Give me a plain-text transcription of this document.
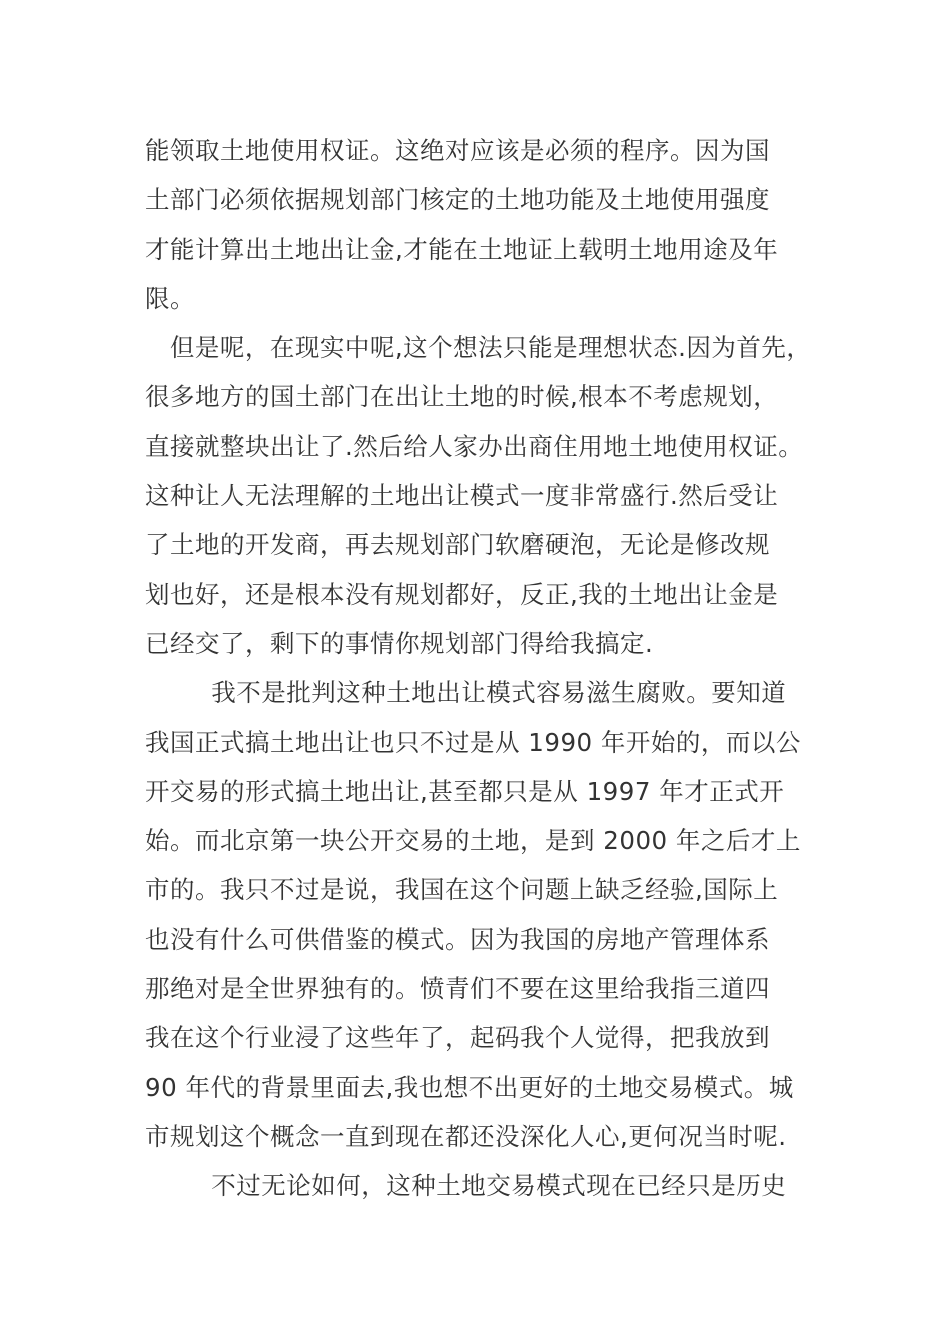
能领取土地使用权证。这绝对应该是必须的程序。因为国
土部门必须依据规划部门核定的土地功能及土地使用强度
才能计算出土地出让金,才能在土地证上载明土地用途及年
限。
但是呢，在现实中呢,这个想法只能是理想状态.因为首先，
很多地方的国土部门在出让土地的时候,根本不考虑规划，
直接就整块出让了.然后给人家办出商住用地土地使用权证。
这种让人无法理解的土地出让模式一度非常盛行.然后受让
了土地的开发商，再去规划部门软磨硬泡，无论是修改规
划也好，还是根本没有规划都好，反正,我的土地出让金是
已经交了，剩下的事情你规划部门得给我搞定.
我不是批判这种土地出让模式容易滋生腐败。要知道
我国正式搞土地出让也只不过是从 1990 年开始的，而以公
开交易的形式搞土地出让,甚至都只是从 1997 年才正式开
始。而北京第一块公开交易的土地，是到 2000 年之后才上
市的。我只不过是说，我国在这个问题上缺乏经验,国际上
也没有什么可供借鉴的模式。因为我国的房地产管理体系
那绝对是全世界独有的。愤青们不要在这里给我指三道四
我在这个行业浸了这些年了，起码我个人觉得，把我放到
90 年代的背景里面去,我也想不出更好的土地交易模式。城
市规划这个概念一直到现在都还没深化人心,更何况当时呢.
不过无论如何，这种土地交易模式现在已经只是历史
